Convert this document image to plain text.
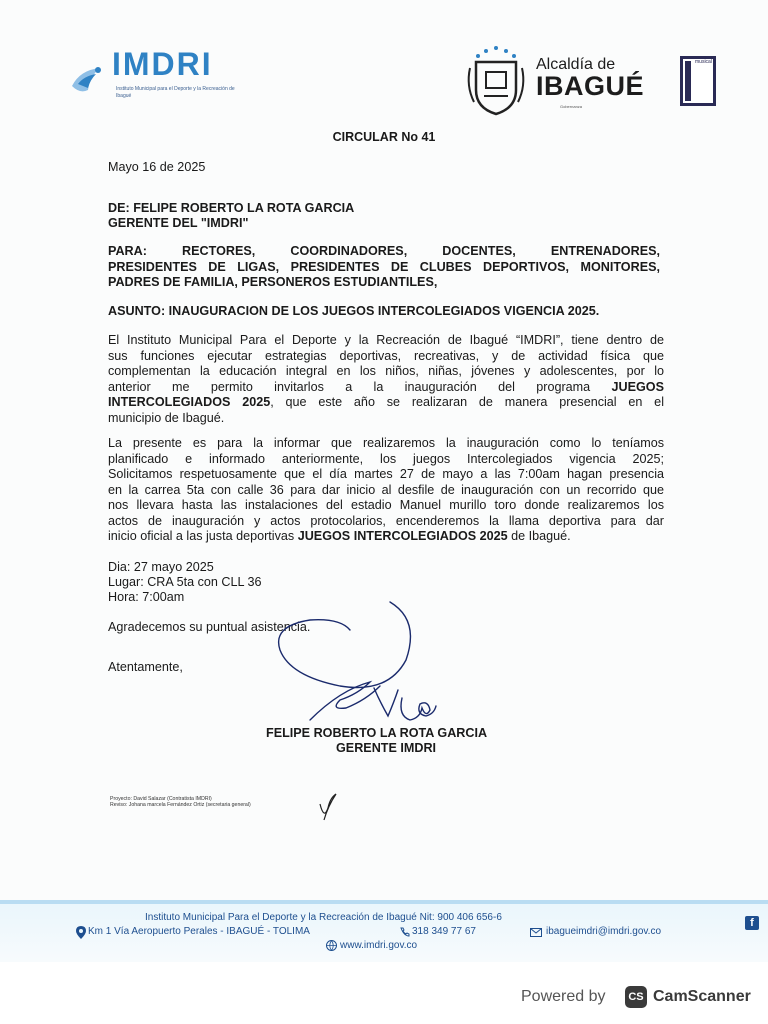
IMDRI
Instituto Municipal para el Deporte y la Recreación de Ibagué
Alcaldía de
IBAGUÉ
Gobernanza
musical
CIRCULAR No 41
Mayo 16 de 2025
DE: FELIPE ROBERTO LA ROTA GARCIA
GERENTE DEL "IMDRI"
PARA: RECTORES, COORDINADORES, DOCENTES, ENTRENADORES,
PRESIDENTES DE LIGAS, PRESIDENTES DE CLUBES DEPORTIVOS, MONITORES,
PADRES DE FAMILIA, PERSONEROS ESTUDIANTILES,
ASUNTO: INAUGURACION DE LOS JUEGOS INTERCOLEGIADOS VIGENCIA 2025.
El Instituto Municipal Para el Deporte y la Recreación de Ibagué “IMDRI”, tiene dentro de
sus funciones ejecutar estrategias deportivas, recreativas, y de actividad física que
complementan la educación integral en los niños, niñas, jóvenes y adolescentes, por lo
anterior me permito invitarlos a la inauguración del programa JUEGOS
INTERCOLEGIADOS 2025, que este año se realizaran de manera presencial en el
municipio de Ibagué.
La presente es para la informar que realizaremos la inauguración como lo teníamos
planificado e informado anteriormente, los juegos Intercolegiados vigencia 2025;
Solicitamos respetuosamente que el día martes 27 de mayo a las 7:00am hagan presencia
en la carrea 5ta con calle 36 para dar inicio al desfile de inauguración con un recorrido que
nos llevara hasta las instalaciones del estadio Manuel murillo toro donde realizaremos los
actos de inauguración y actos protocolarios, encenderemos la llama deportiva para dar
inicio oficial a las justa deportivas JUEGOS INTERCOLEGIADOS 2025 de Ibagué.
Dia: 27 mayo 2025
Lugar: CRA 5ta con CLL 36
Hora: 7:00am
Agradecemos su puntual asistencia.
Atentamente,
FELIPE ROBERTO LA ROTA GARCIA
GERENTE IMDRI
Proyecto: David Salazar (Contratista IMDRI)
Reviso: Johana marcela Fernández Ortiz (secretaria general)
Instituto Municipal Para el Deporte y la Recreación de Ibagué Nit: 900 406 656-6
Km 1 Vía Aeropuerto Perales - IBAGUÉ - TOLIMA	318 349 77 67	ibagueimdri@imdri.gov.co
www.imdri.gov.co
f
Powered by	CS CamScanner
